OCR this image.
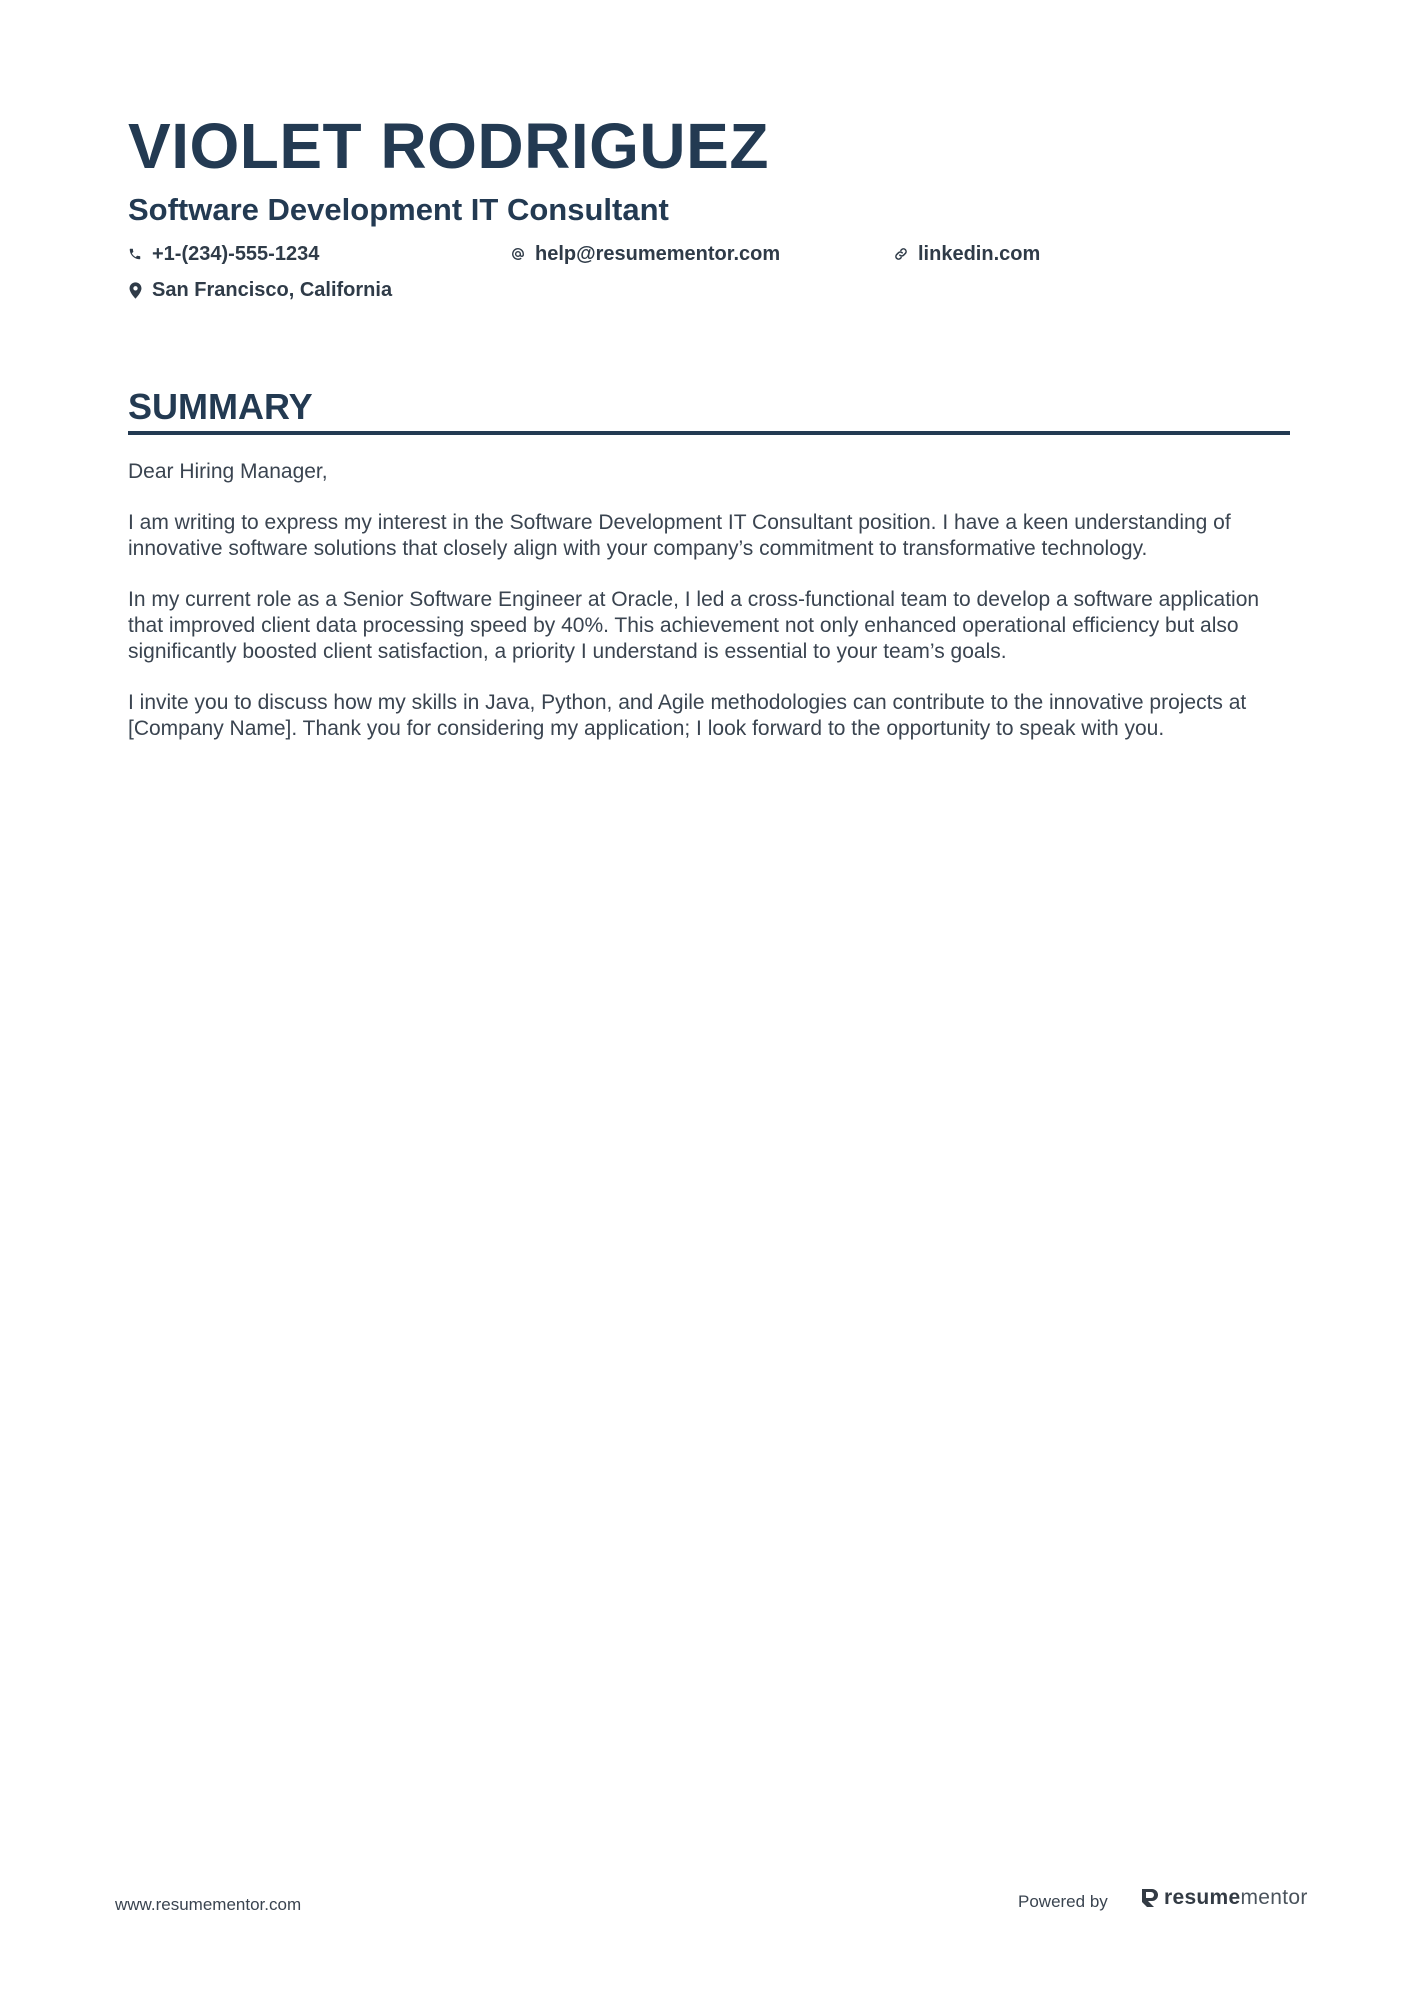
VIOLET RODRIGUEZ
Software Development IT Consultant
+1-(234)-555-1234	help@resumementor.com	linkedin.com
San Francisco, California
SUMMARY

Dear Hiring Manager,

I am writing to express my interest in the Software Development IT Consultant position. I have a keen understanding of innovative software solutions that closely align with your company’s commitment to transformative technology.

In my current role as a Senior Software Engineer at Oracle, I led a cross-functional team to develop a software application that improved client data processing speed by 40%. This achievement not only enhanced operational efficiency but also significantly boosted client satisfaction, a priority I understand is essential to your team’s goals.

I invite you to discuss how my skills in Java, Python, and Agile methodologies can contribute to the innovative projects at [Company Name]. Thank you for considering my application; I look forward to the opportunity to speak with you.

www.resumementor.com	Powered by	resumementor
